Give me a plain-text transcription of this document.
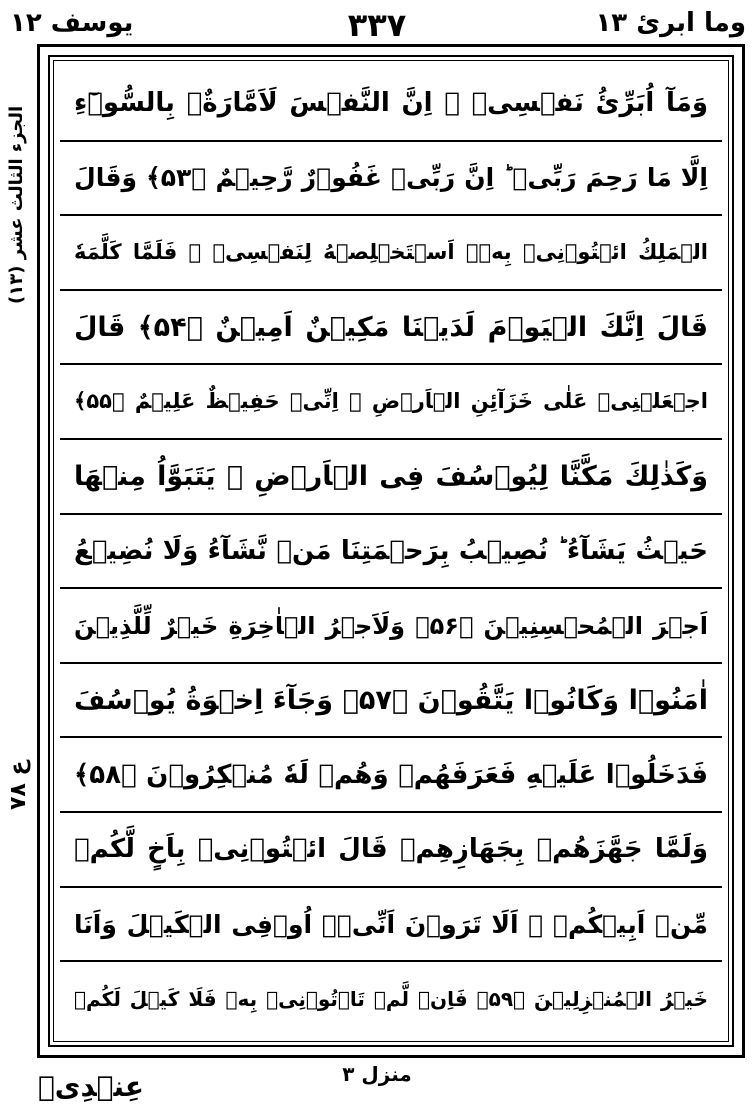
وما ابرئ ۱۳
۳۳۷
یوسف ۱۲
الجزء الثالث عشر (١٣)
۷۸ ع
وَمَآ اُبَرِّئُ نَفۡسِىۡ ۚ اِنَّ النَّفۡسَ لَاَمَّارَةٌۢ بِالسُّوۡٓءِ
اِلَّا مَا رَحِمَ رَبِّىۡ ؕ اِنَّ رَبِّىۡ غَفُوۡرٌ رَّحِيۡمٌ ﴿۵۳﴾ وَقَالَ
الۡمَلِكُ ائۡتُوۡنِىۡ بِهٖۤ اَسۡتَخۡلِصۡهُ لِنَفۡسِىۡ ۚ فَلَمَّا كَلَّمَهٗ
قَالَ اِنَّكَ الۡيَوۡمَ لَدَيۡنَا مَكِيۡنٌ اَمِيۡنٌ ﴿۵۴﴾ قَالَ
اجۡعَلۡنِىۡ عَلٰى خَزَآئِنِ الۡاَرۡضِ ۚ اِنِّىۡ حَفِيۡظٌ عَلِيۡمٌ ﴿۵۵﴾
وَكَذٰلِكَ مَكَّنَّا لِيُوۡسُفَ فِى الۡاَرۡضِ ۚ يَتَبَوَّاُ مِنۡهَا
حَيۡثُ يَشَآءُ ؕ نُصِيۡبُ بِرَحۡمَتِنَا مَنۡ نَّشَآءُ وَلَا نُضِيۡعُ
اَجۡرَ الۡمُحۡسِنِيۡنَ ﴿۵۶﴾ وَلَاَجۡرُ الۡاٰخِرَةِ خَيۡرٌ لِّلَّذِيۡنَ
اٰمَنُوۡا وَكَانُوۡا يَتَّقُوۡنَ ﴿۵۷﴾ وَجَآءَ اِخۡوَةُ يُوۡسُفَ
فَدَخَلُوۡا عَلَيۡهِ فَعَرَفَهُمۡ وَهُمۡ لَهٗ مُنۡكِرُوۡنَ ﴿۵۸﴾
وَلَمَّا جَهَّزَهُمۡ بِجَهَازِهِمۡ قَالَ ائۡتُوۡنِىۡ بِاَخٍ لَّكُمۡ
مِّنۡ اَبِيۡكُمۡ ۚ اَلَا تَرَوۡنَ اَنِّىۡۤ اُوۡفِى الۡكَيۡلَ وَاَنَا
خَيۡرُ الۡمُنۡزِلِيۡنَ ﴿۵۹﴾ فَاِنۡ لَّمۡ تَاۡتُوۡنِىۡ بِهٖ فَلَا كَيۡلَ لَكُمۡ
منزل ۳
عِنۡدِىۡ
